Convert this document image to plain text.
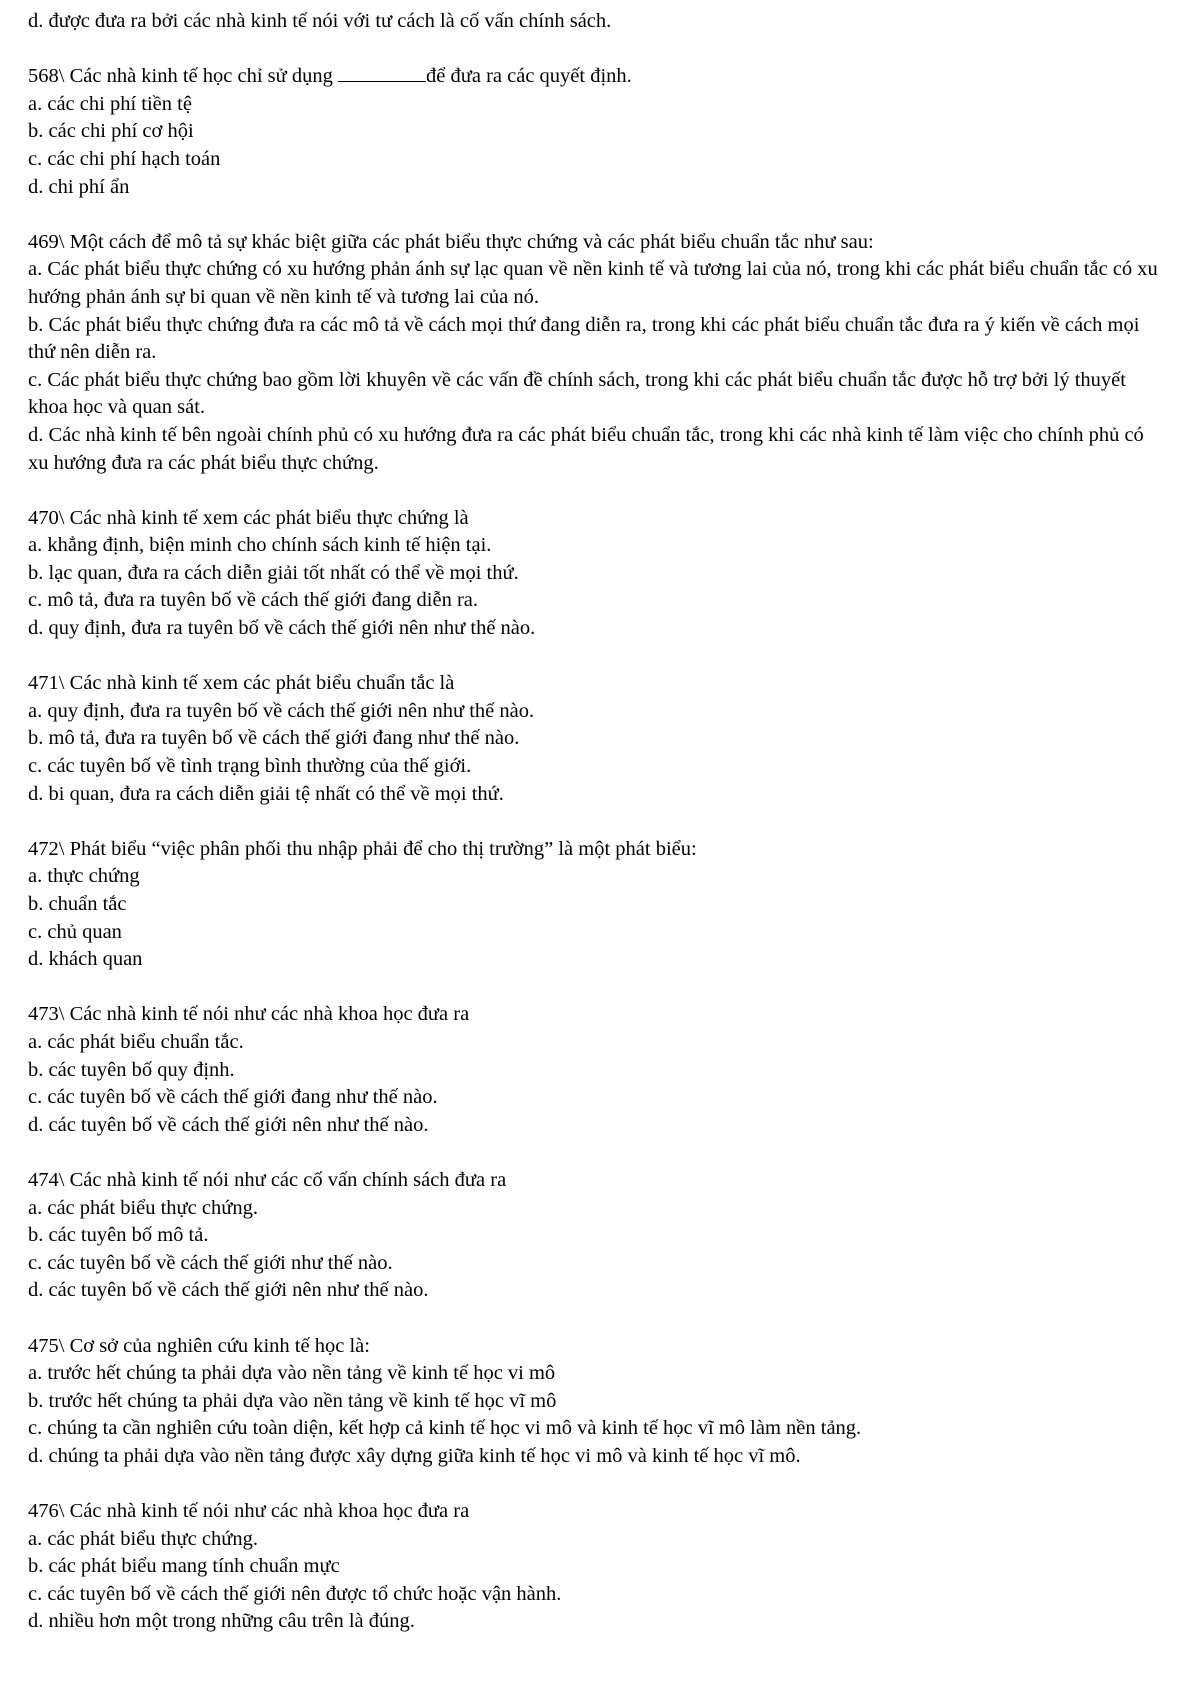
d. được đưa ra bởi các nhà kinh tế nói với tư cách là cố vấn chính sách.

568\ Các nhà kinh tế học chỉ sử dụng	để đưa ra các quyết định.

a. các chi phí tiền tệ

b. các chi phí cơ hội

c. các chi phí hạch toán

d. chi phí ẩn

469\ Một cách để mô tả sự khác biệt giữa các phát biểu thực chứng và các phát biểu chuẩn tắc như sau:

a. Các phát biểu thực chứng có xu hướng phản ánh sự lạc quan về nền kinh tế và tương lai của nó, trong khi các phát biểu chuẩn tắc có xu hướng phản ánh sự bi quan về nền kinh tế và tương lai của nó.

b. Các phát biểu thực chứng đưa ra các mô tả về cách mọi thứ đang diễn ra, trong khi các phát biểu chuẩn tắc đưa ra ý kiến về cách mọi thứ nên diễn ra.

c. Các phát biểu thực chứng bao gồm lời khuyên về các vấn đề chính sách, trong khi các phát biểu chuẩn tắc được hỗ trợ bởi lý thuyết khoa học và quan sát.

d. Các nhà kinh tế bên ngoài chính phủ có xu hướng đưa ra các phát biểu chuẩn tắc, trong khi các nhà kinh tế làm việc cho chính phủ có xu hướng đưa ra các phát biểu thực chứng.

470\ Các nhà kinh tế xem các phát biểu thực chứng là

a. khẳng định, biện minh cho chính sách kinh tế hiện tại.

b. lạc quan, đưa ra cách diễn giải tốt nhất có thể về mọi thứ.

c. mô tả, đưa ra tuyên bố về cách thế giới đang diễn ra.

d. quy định, đưa ra tuyên bố về cách thế giới nên như thế nào.

471\ Các nhà kinh tế xem các phát biểu chuẩn tắc là

a. quy định, đưa ra tuyên bố về cách thế giới nên như thế nào.

b. mô tả, đưa ra tuyên bố về cách thế giới đang như thế nào.

c. các tuyên bố về tình trạng bình thường của thế giới.

d. bi quan, đưa ra cách diễn giải tệ nhất có thể về mọi thứ.

472\ Phát biểu “việc phân phối thu nhập phải để cho thị trường” là một phát biểu:

a. thực chứng

b. chuẩn tắc

c. chủ quan

d. khách quan

473\ Các nhà kinh tế nói như các nhà khoa học đưa ra

a. các phát biểu chuẩn tắc.

b. các tuyên bố quy định.

c. các tuyên bố về cách thế giới đang như thế nào.

d. các tuyên bố về cách thế giới nên như thế nào.

474\ Các nhà kinh tế nói như các cố vấn chính sách đưa ra

a. các phát biểu thực chứng.

b. các tuyên bố mô tả.

c. các tuyên bố về cách thế giới như thế nào.

d. các tuyên bố về cách thế giới nên như thế nào.

475\ Cơ sở của nghiên cứu kinh tế học là:

a. trước hết chúng ta phải dựa vào nền tảng về kinh tế học vi mô

b. trước hết chúng ta phải dựa vào nền tảng về kinh tế học vĩ mô

c. chúng ta cần nghiên cứu toàn diện, kết hợp cả kinh tế học vi mô và kinh tế học vĩ mô làm nền tảng.

d. chúng ta phải dựa vào nền tảng được xây dựng giữa kinh tế học vi mô và kinh tế học vĩ mô.

476\ Các nhà kinh tế nói như các nhà khoa học đưa ra

a. các phát biểu thực chứng.

b. các phát biểu mang tính chuẩn mực

c. các tuyên bố về cách thế giới nên được tổ chức hoặc vận hành.

d. nhiều hơn một trong những câu trên là đúng.
